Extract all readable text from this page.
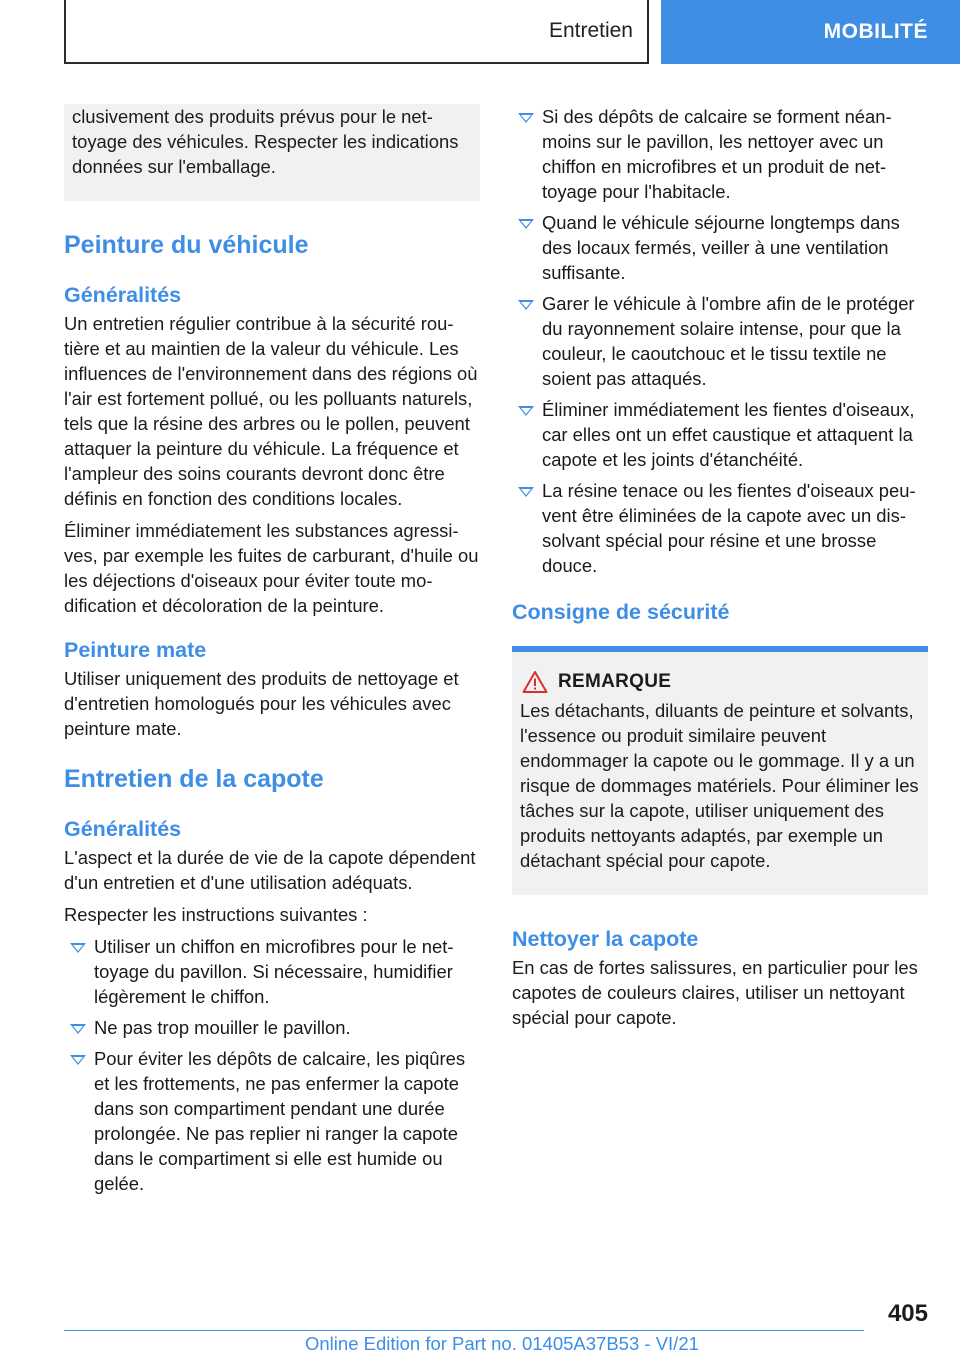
Entretien	MOBILITÉ

clusivement des produits prévus pour le nettoyage des véhicules. Respecter les indications données sur l'emballage.

Peinture du véhicule
Généralités

Un entretien régulier contribue à la sécurité routière et au maintien de la valeur du véhicule. Les influences de l'environnement dans des régions où l'air est fortement pollué, ou les polluants naturels, tels que la résine des arbres ou le pollen, peuvent attaquer la peinture du véhicule. La fréquence et l'ampleur des soins courants devront donc être définis en fonction des conditions locales.

Éliminer immédiatement les substances agressives, par exemple les fuites de carburant, d'huile ou les déjections d'oiseaux pour éviter toute modification et décoloration de la peinture.

Peinture mate

Utiliser uniquement des produits de nettoyage et d'entretien homologués pour les véhicules avec peinture mate.

Entretien de la capote
Généralités

L'aspect et la durée de vie de la capote dépendent d'un entretien et d'une utilisation adéquats.

Respecter les instructions suivantes :

Utiliser un chiffon en microfibres pour le nettoyage du pavillon. Si nécessaire, humidifier légèrement le chiffon.
Ne pas trop mouiller le pavillon.
Pour éviter les dépôts de calcaire, les piqûres et les frottements, ne pas enfermer la capote dans son compartiment pendant une durée prolongée. Ne pas replier ni ranger la capote dans le compartiment si elle est humide ou gelée.
Si des dépôts de calcaire se forment néanmoins sur le pavillon, les nettoyer avec un chiffon en microfibres et un produit de nettoyage pour l'habitacle.
Quand le véhicule séjourne longtemps dans des locaux fermés, veiller à une ventilation suffisante.
Garer le véhicule à l'ombre afin de le protéger du rayonnement solaire intense, pour que la couleur, le caoutchouc et le tissu textile ne soient pas attaqués.
Éliminer immédiatement les fientes d'oiseaux, car elles ont un effet caustique et attaquent la capote et les joints d'étanchéité.
La résine tenace ou les fientes d'oiseaux peuvent être éliminées de la capote avec un dissolvant spécial pour résine et une brosse douce.
Consigne de sécurité
REMARQUE

Les détachants, diluants de peinture et solvants, l'essence ou produit similaire peuvent endommager la capote ou le gommage. Il y a un risque de dommages matériels. Pour éliminer les tâches sur la capote, utiliser uniquement des produits nettoyants adaptés, par exemple un détachant spécial pour capote.

Nettoyer la capote

En cas de fortes salissures, en particulier pour les capotes de couleurs claires, utiliser un nettoyant spécial pour capote.

405
Online Edition for Part no. 01405A37B53 - VI/21
